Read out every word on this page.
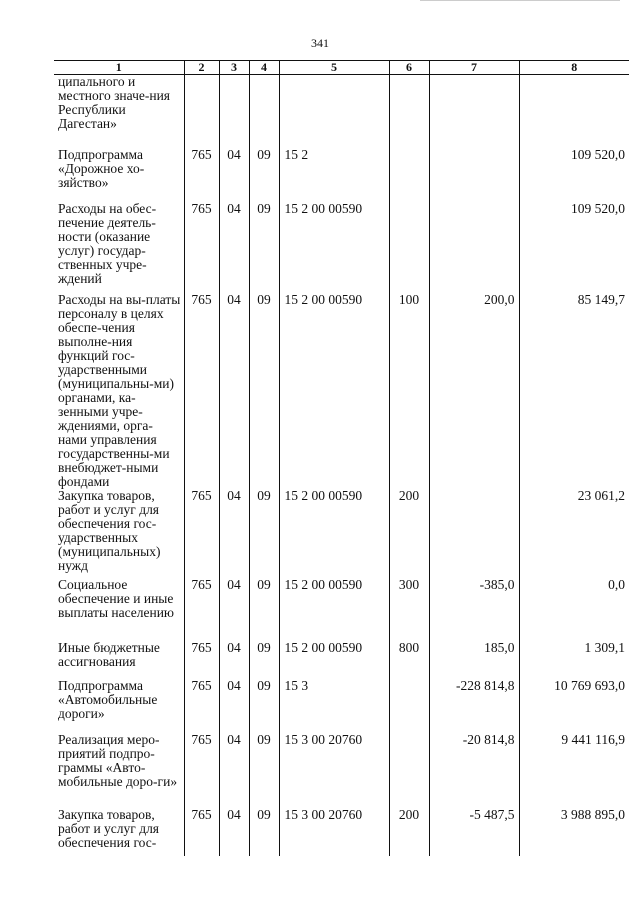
341
1	2	3	4	5	6	7	8
ципального и местного значе-ния Республики Дагестан»							
Подпрограмма «Дорожное хо-зяйство»	765	04	09	15 2			109 520,0
Расходы на обес-печение деятель-ности (оказание услуг) государ-ственных учре-ждений	765	04	09	15 2 00 00590			109 520,0
Расходы на вы-платы персоналу в целях обеспе-чения выполне-ния функций гос-ударственными (муниципальны-ми) органами, ка-зенными учре-ждениями, орга-нами управления государственны-ми внебюджет-ными фондами	765	04	09	15 2 00 00590	100	200,0	85 149,7
Закупка товаров, работ и услуг для обеспечения гос-ударственных (муниципальных) нужд	765	04	09	15 2 00 00590	200		23 061,2
Социальное обеспечение и иные выплаты населению	765	04	09	15 2 00 00590	300	-385,0	0,0
Иные бюджетные ассигнования	765	04	09	15 2 00 00590	800	185,0	1 309,1
Подпрограмма «Автомобильные дороги»	765	04	09	15 3		-228 814,8	10 769 693,0
Реализация меро-приятий подпро-граммы «Авто-мобильные доро-ги»	765	04	09	15 3 00 20760		-20 814,8	9 441 116,9
Закупка товаров, работ и услуг для обеспечения гос-	765	04	09	15 3 00 20760	200	-5 487,5	3 988 895,0
